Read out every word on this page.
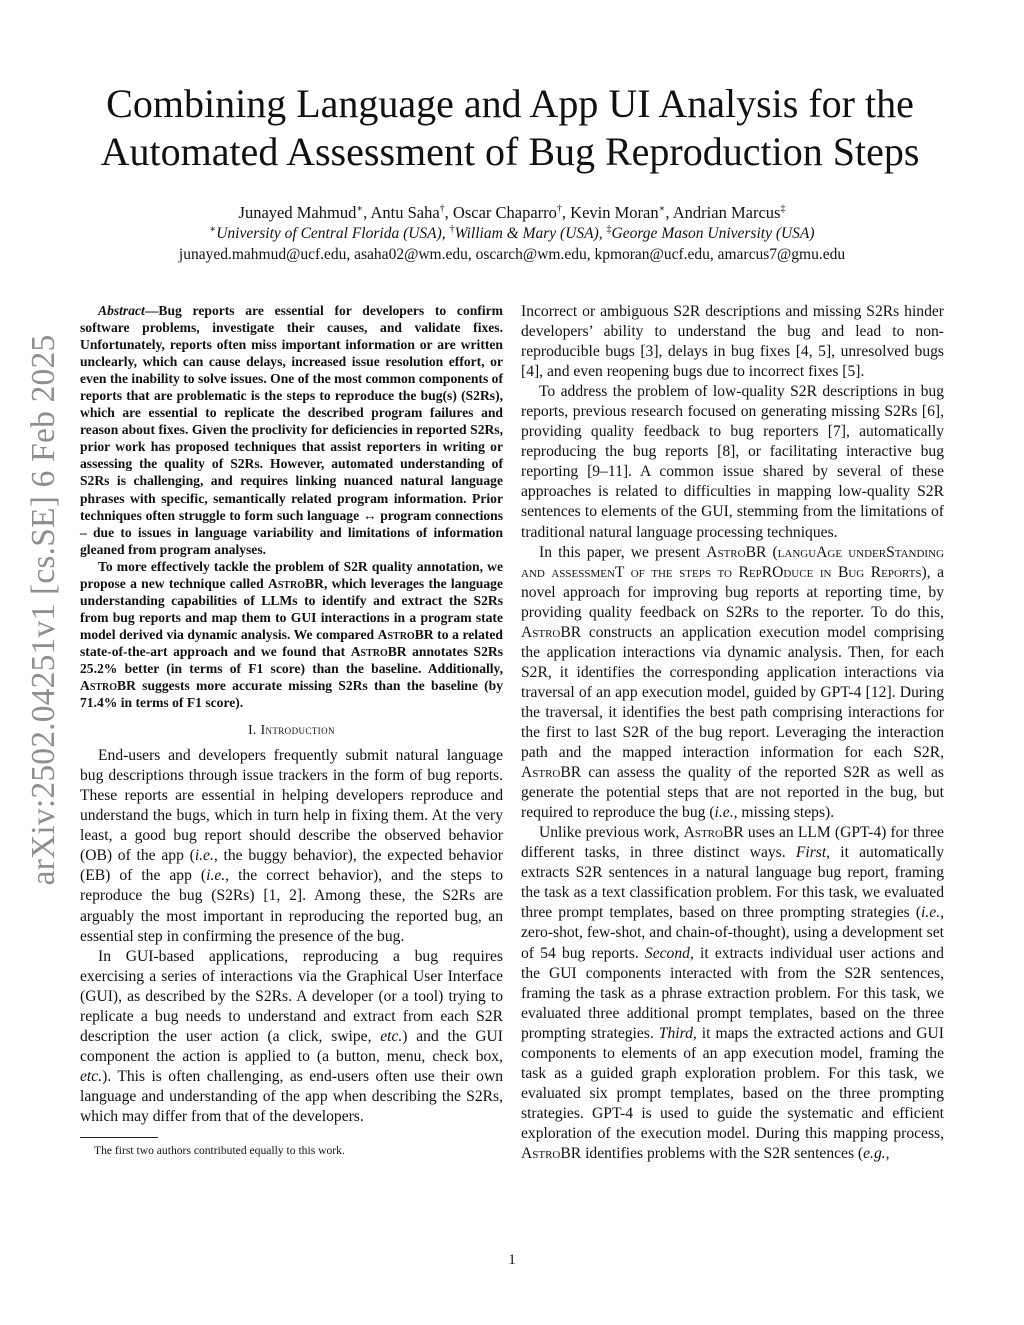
arXiv:2502.04251v1 [cs.SE] 6 Feb 2025
Combining Language and App UI Analysis for the
Automated Assessment of Bug Reproduction Steps
Junayed Mahmud∗, Antu Saha†, Oscar Chaparro†, Kevin Moran∗, Andrian Marcus‡
∗University of Central Florida (USA), †William & Mary (USA), ‡George Mason University (USA)
junayed.mahmud@ucf.edu, asaha02@wm.edu, oscarch@wm.edu, kpmoran@ucf.edu, amarcus7@gmu.edu

Abstract—Bug reports are essential for developers to confirm software problems, investigate their causes, and validate fixes. Unfortunately, reports often miss important information or are written unclearly, which can cause delays, increased issue resolution effort, or even the inability to solve issues. One of the most common components of reports that are problematic is the steps to reproduce the bug(s) (S2Rs), which are essential to replicate the described program failures and reason about fixes. Given the proclivity for deficiencies in reported S2Rs, prior work has proposed techniques that assist reporters in writing or assessing the quality of S2Rs. However, automated understanding of S2Rs is challenging, and requires linking nuanced natural language phrases with specific, semantically related program information. Prior techniques often struggle to form such language ↔ program connections – due to issues in language variability and limitations of information gleaned from program analyses.

To more effectively tackle the problem of S2R quality annotation, we propose a new technique called AstroBR, which leverages the language understanding capabilities of LLMs to identify and extract the S2Rs from bug reports and map them to GUI interactions in a program state model derived via dynamic analysis. We compared AstroBR to a related state-of-the-art approach and we found that AstroBR annotates S2Rs 25.2% better (in terms of F1 score) than the baseline. Additionally, AstroBR suggests more accurate missing S2Rs than the baseline (by 71.4% in terms of F1 score).

I. Introduction

End-users and developers frequently submit natural language bug descriptions through issue trackers in the form of bug reports. These reports are essential in helping developers reproduce and understand the bugs, which in turn help in fixing them. At the very least, a good bug report should describe the observed behavior (OB) of the app (i.e., the buggy behavior), the expected behavior (EB) of the app (i.e., the correct behavior), and the steps to reproduce the bug (S2Rs) [1, 2]. Among these, the S2Rs are arguably the most important in reproducing the reported bug, an essential step in confirming the presence of the bug.

In GUI-based applications, reproducing a bug requires exercising a series of interactions via the Graphical User Interface (GUI), as described by the S2Rs. A developer (or a tool) trying to replicate a bug needs to understand and extract from each S2R description the user action (a click, swipe, etc.) and the GUI component the action is applied to (a button, menu, check box, etc.). This is often challenging, as end-users often use their own language and understanding of the app when describing the S2Rs, which may differ from that of the developers.

The first two authors contributed equally to this work.

Incorrect or ambiguous S2R descriptions and missing S2Rs hinder developers’ ability to understand the bug and lead to non-reproducible bugs [3], delays in bug fixes [4, 5], unresolved bugs [4], and even reopening bugs due to incorrect fixes [5].

To address the problem of low-quality S2R descriptions in bug reports, previous research focused on generating missing S2Rs [6], providing quality feedback to bug reporters [7], automatically reproducing the bug reports [8], or facilitating interactive bug reporting [9–11]. A common issue shared by several of these approaches is related to difficulties in mapping low-quality S2R sentences to elements of the GUI, stemming from the limitations of traditional natural language processing techniques.

In this paper, we present AstroBR (languAge underStanding and assessmenT of the steps to RepROduce in Bug Reports), a novel approach for improving bug reports at reporting time, by providing quality feedback on S2Rs to the reporter. To do this, AstroBR constructs an application execution model comprising the application interactions via dynamic analysis. Then, for each S2R, it identifies the corresponding application interactions via traversal of an app execution model, guided by GPT-4 [12]. During the traversal, it identifies the best path comprising interactions for the first to last S2R of the bug report. Leveraging the interaction path and the mapped interaction information for each S2R, AstroBR can assess the quality of the reported S2R as well as generate the potential steps that are not reported in the bug, but required to reproduce the bug (i.e., missing steps).

Unlike previous work, AstroBR uses an LLM (GPT-4) for three different tasks, in three distinct ways. First, it automatically extracts S2R sentences in a natural language bug report, framing the task as a text classification problem. For this task, we evaluated three prompt templates, based on three prompting strategies (i.e., zero-shot, few-shot, and chain-of-thought), using a development set of 54 bug reports. Second, it extracts individual user actions and the GUI components interacted with from the S2R sentences, framing the task as a phrase extraction problem. For this task, we evaluated three additional prompt templates, based on the three prompting strategies. Third, it maps the extracted actions and GUI components to elements of an app execution model, framing the task as a guided graph exploration problem. For this task, we evaluated six prompt templates, based on the three prompting strategies. GPT-4 is used to guide the systematic and efficient exploration of the execution model. During this mapping process, AstroBR identifies problems with the S2R sentences (e.g.,

1
